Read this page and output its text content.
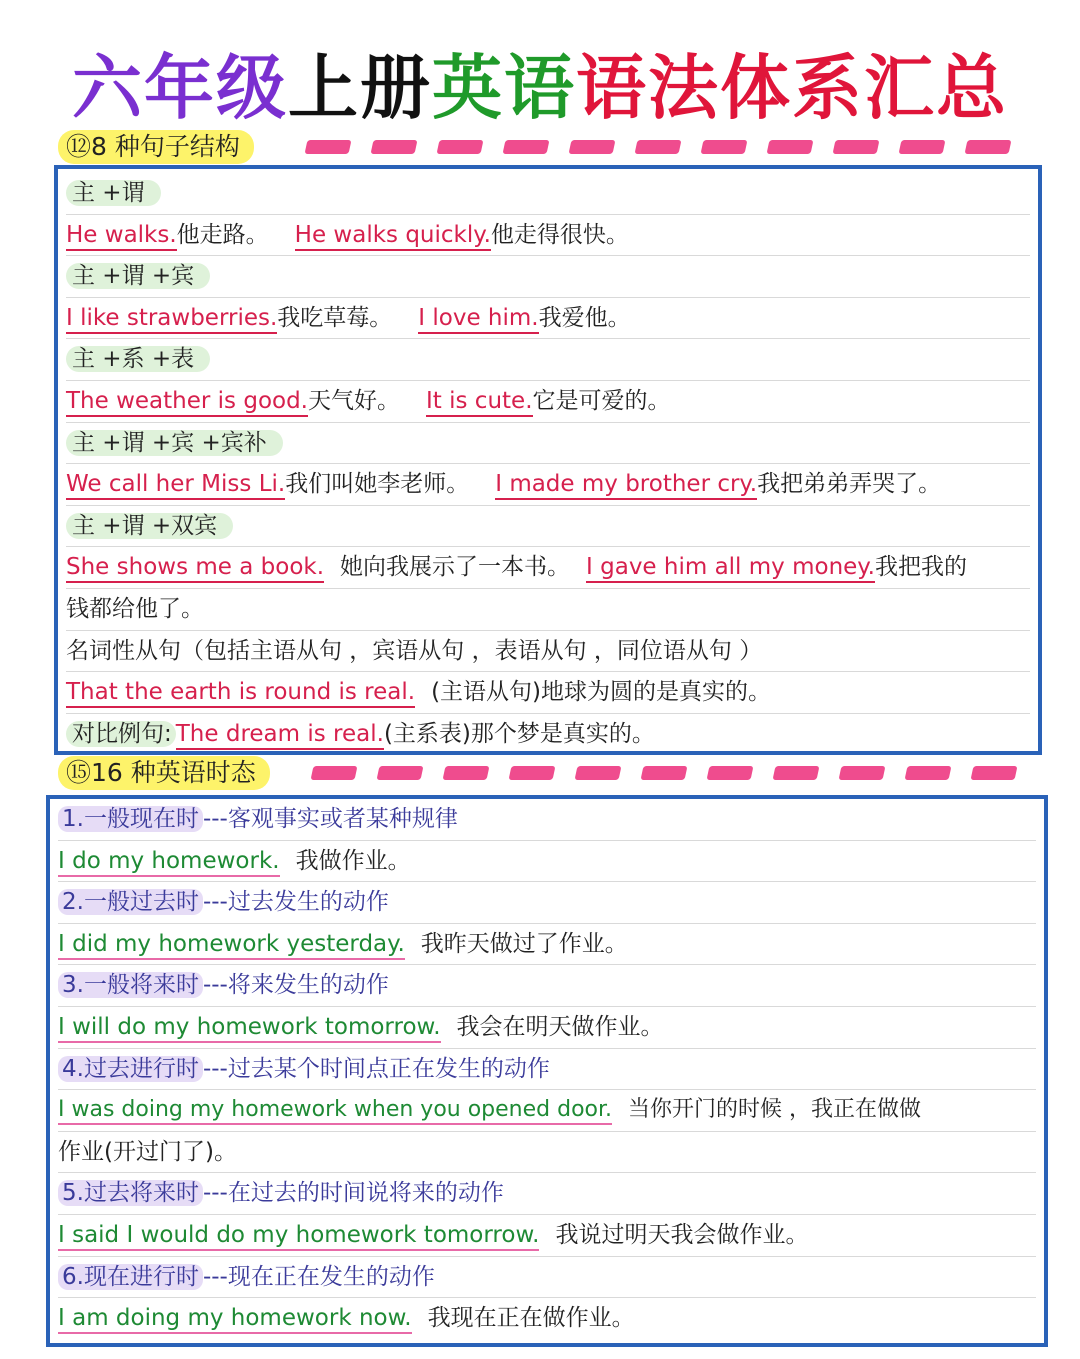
六年级上册英语语法体系汇总
⑫8 种句子结构
主 +谓
He walks.他走路。 He walks quickly.他走得很快。
主 +谓 +宾
I like strawberries.我吃草莓。 I love him.我爱他。
主 +系 +表
The weather is good.天气好。 It is cute.它是可爱的。
主 +谓 +宾 +宾补
We call her Miss Li.我们叫她李老师。 I made my brother cry.我把弟弟弄哭了。
主 +谓 +双宾
She shows me a book. 她向我展示了一本书。 I gave him all my money.我把我的
钱都给他了。
名词性从句（包括主语从句 ，宾语从句 ，表语从句 ，同位语从句 ）
That the earth is round is real. (主语从句)地球为圆的是真实的。
对比例句: The dream is real.(主系表)那个梦是真实的。
⑮16 种英语时态
1.一般现在时 ---客观事实或者某种规律
I do my homework. 我做作业。
2.一般过去时 ---过去发生的动作
I did my homework yesterday. 我昨天做过了作业。
3.一般将来时 ---将来发生的动作
I will do my homework tomorrow. 我会在明天做作业。
4.过去进行时 ---过去某个时间点正在发生的动作
I was doing my homework when you opened door. 当你开门的时候 ，我正在做做
作业(开过门了)。
5.过去将来时 ---在过去的时间说将来的动作
I said I would do my homework tomorrow. 我说过明天我会做作业。
6.现在进行时 ---现在正在发生的动作
I am doing my homework now. 我现在正在做作业。
